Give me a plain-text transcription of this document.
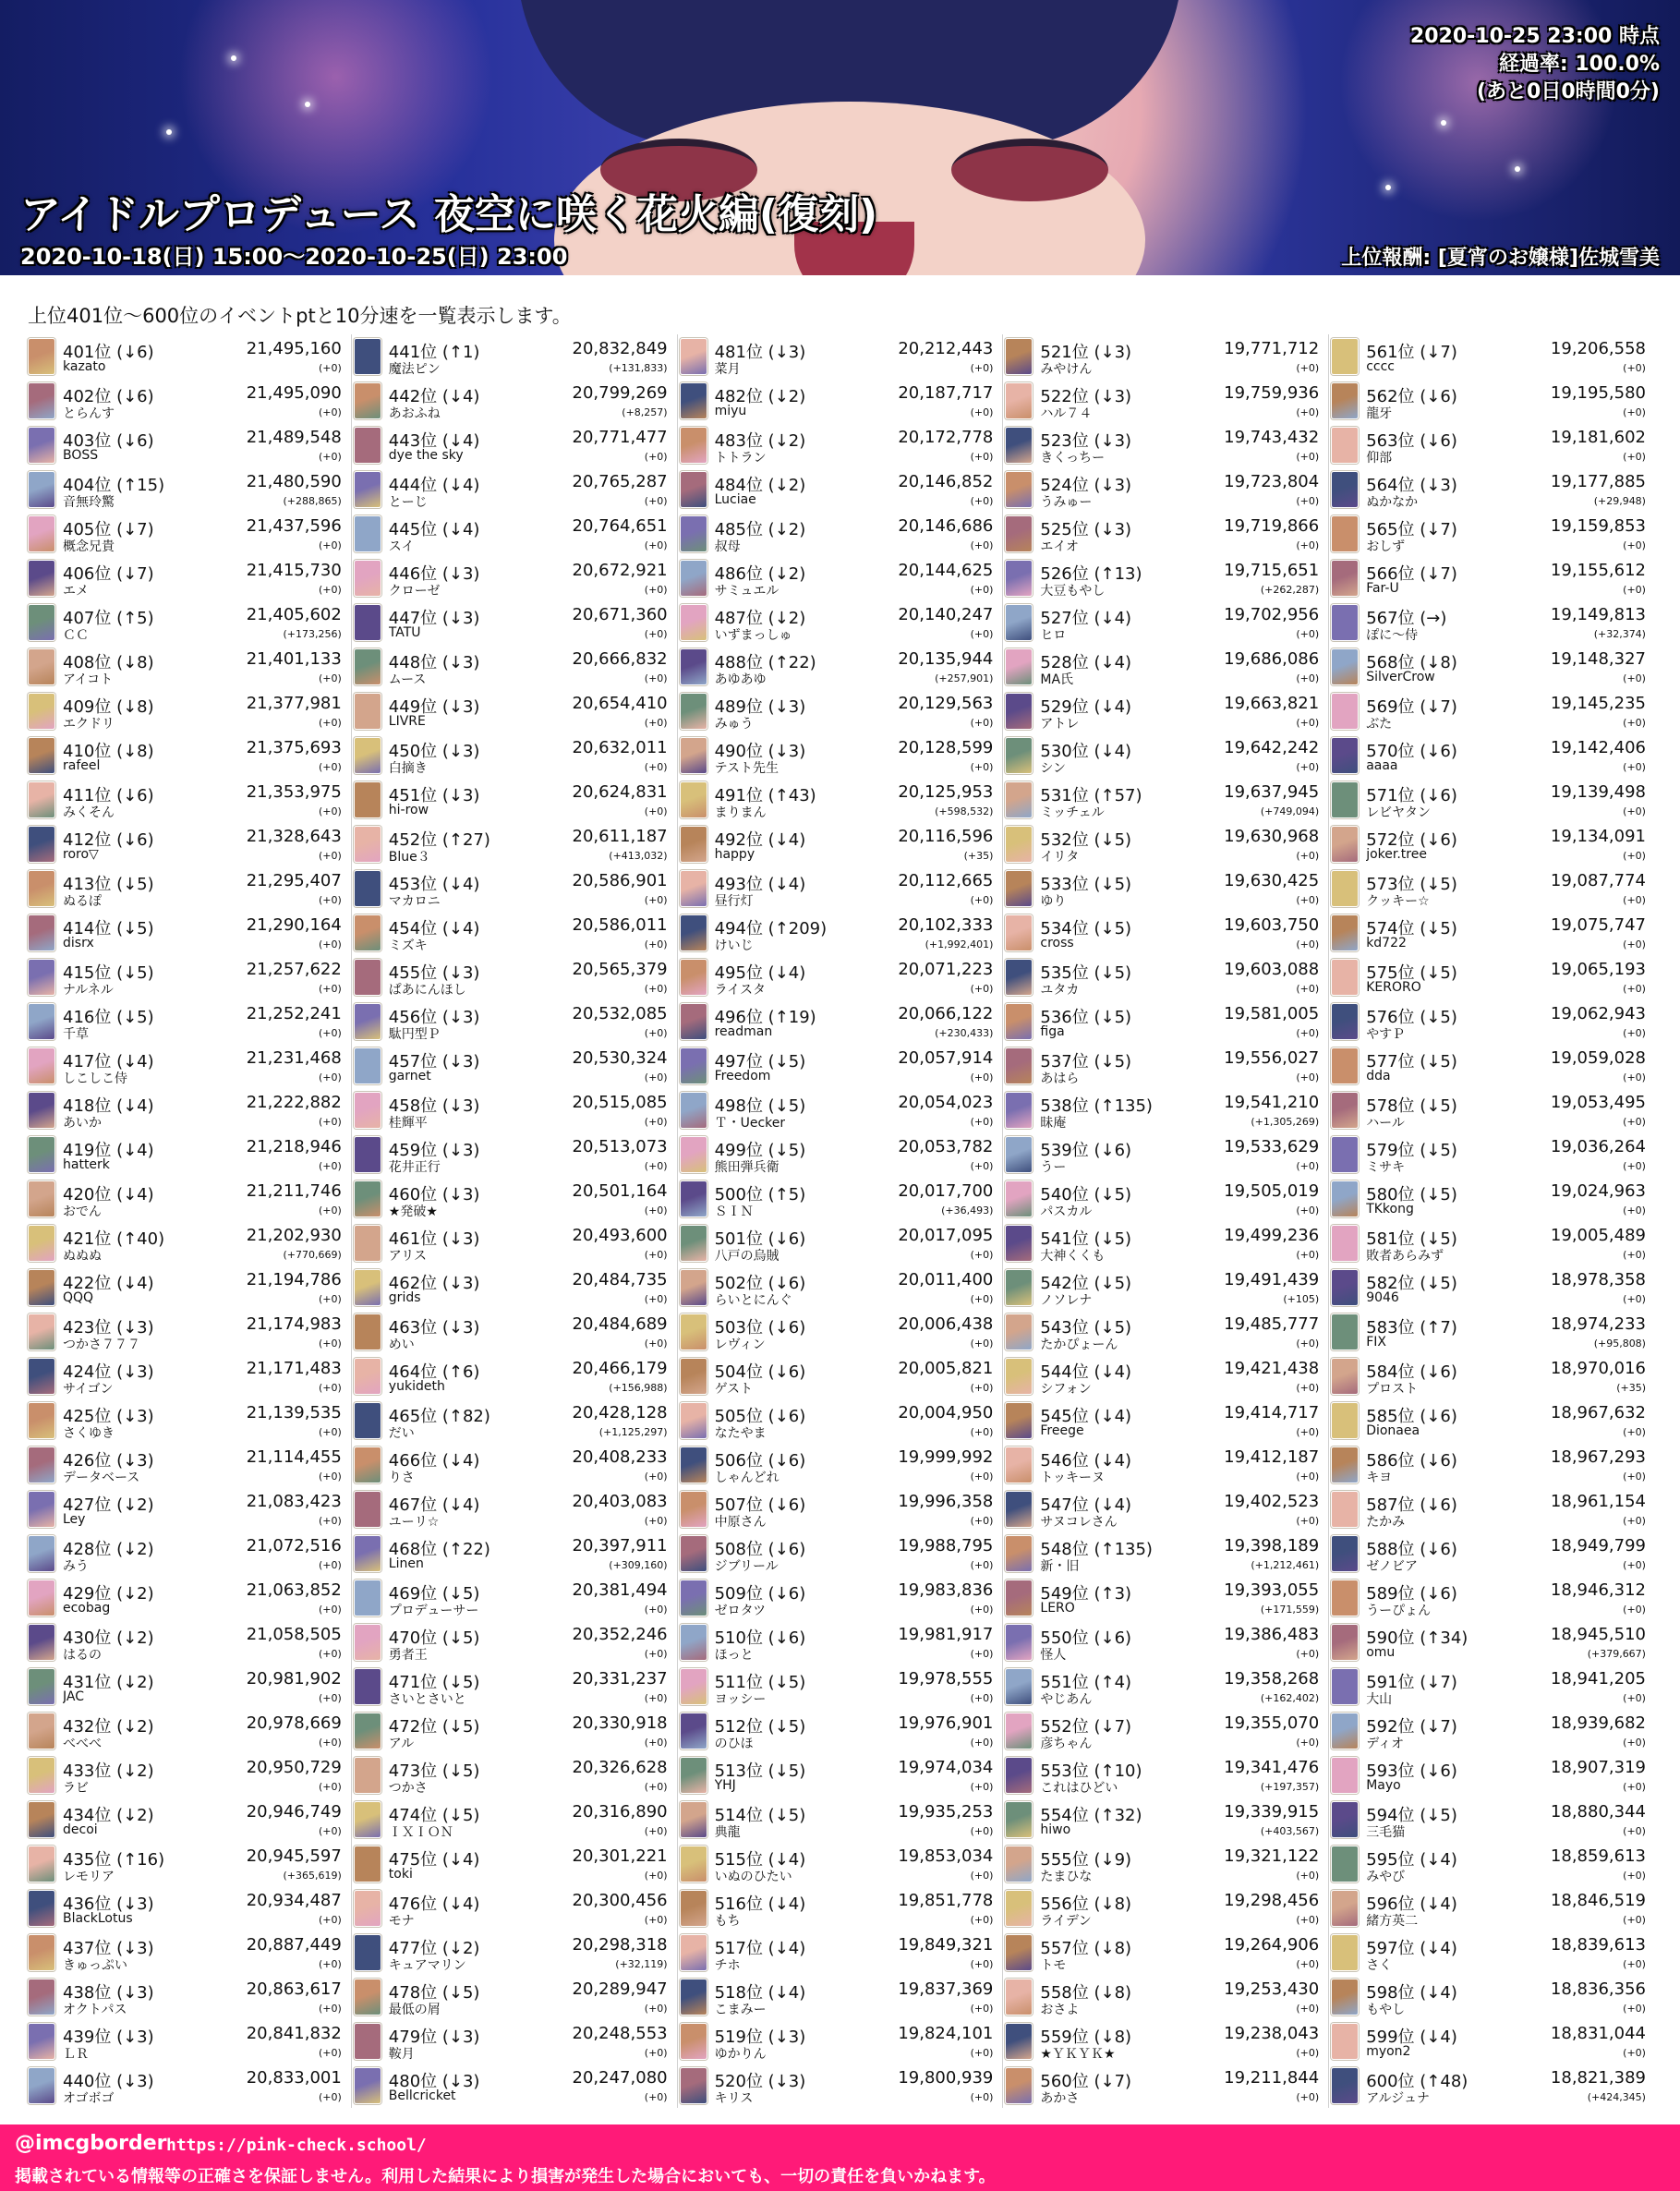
アイドルプロデュース 夜空に咲く花火編(復刻)
2020-10-18(日) 15:00～2020-10-25(日) 23:00
2020-10-25 23:00 時点
経過率: 100.0%
(あと0日0時間0分)
上位報酬: [夏宵のお嬢様]佐城雪美
上位401位～600位のイベントptと10分速を一覧表示します。
401位 (↓6)	21,495,160
kazato	(+0)
402位 (↓6)	21,495,090
とらんす	(+0)
403位 (↓6)	21,489,548
BOSS	(+0)
404位 (↑15)	21,480,590
音無玲驚	(+288,865)
405位 (↓7)	21,437,596
概念兄貴	(+0)
406位 (↓7)	21,415,730
エメ	(+0)
407位 (↑5)	21,405,602
ＣＣ	(+173,256)
408位 (↓8)	21,401,133
アイコト	(+0)
409位 (↓8)	21,377,981
エクドリ	(+0)
410位 (↓8)	21,375,693
rafeel	(+0)
411位 (↓6)	21,353,975
みくそん	(+0)
412位 (↓6)	21,328,643
roro▽	(+0)
413位 (↓5)	21,295,407
ぬるぽ	(+0)
414位 (↓5)	21,290,164
disrx	(+0)
415位 (↓5)	21,257,622
ナルネル	(+0)
416位 (↓5)	21,252,241
千草	(+0)
417位 (↓4)	21,231,468
しこしこ侍	(+0)
418位 (↓4)	21,222,882
あいか	(+0)
419位 (↓4)	21,218,946
hatterk	(+0)
420位 (↓4)	21,211,746
おでん	(+0)
421位 (↑40)	21,202,930
ぬぬぬ	(+770,669)
422位 (↓4)	21,194,786
QQQ	(+0)
423位 (↓3)	21,174,983
つかさ７７７	(+0)
424位 (↓3)	21,171,483
サイゴン	(+0)
425位 (↓3)	21,139,535
さくゆき	(+0)
426位 (↓3)	21,114,455
データベース	(+0)
427位 (↓2)	21,083,423
Ley	(+0)
428位 (↓2)	21,072,516
みう	(+0)
429位 (↓2)	21,063,852
ecobag	(+0)
430位 (↓2)	21,058,505
はるの	(+0)
431位 (↓2)	20,981,902
JAC	(+0)
432位 (↓2)	20,978,669
べべべ	(+0)
433位 (↓2)	20,950,729
ラビ	(+0)
434位 (↓2)	20,946,749
decoi	(+0)
435位 (↑16)	20,945,597
レモリア	(+365,619)
436位 (↓3)	20,934,487
BlackLotus	(+0)
437位 (↓3)	20,887,449
きゅっぷい	(+0)
438位 (↓3)	20,863,617
オクトパス	(+0)
439位 (↓3)	20,841,832
ＬＲ	(+0)
440位 (↓3)	20,833,001
オゴボゴ	(+0)
441位 (↑1)	20,832,849
魔法ピン	(+131,833)
442位 (↓4)	20,799,269
あおふね	(+8,257)
443位 (↓4)	20,771,477
dye the sky	(+0)
444位 (↓4)	20,765,287
とーじ	(+0)
445位 (↓4)	20,764,651
スイ	(+0)
446位 (↓3)	20,672,921
クローゼ	(+0)
447位 (↓3)	20,671,360
TATU	(+0)
448位 (↓3)	20,666,832
ムース	(+0)
449位 (↓3)	20,654,410
LIVRE	(+0)
450位 (↓3)	20,632,011
白摘き	(+0)
451位 (↓3)	20,624,831
hi-row	(+0)
452位 (↑27)	20,611,187
Blue３	(+413,032)
453位 (↓4)	20,586,901
マカロニ	(+0)
454位 (↓4)	20,586,011
ミズキ	(+0)
455位 (↓3)	20,565,379
ぱあにんほし	(+0)
456位 (↓3)	20,532,085
駄円型Ｐ	(+0)
457位 (↓3)	20,530,324
garnet	(+0)
458位 (↓3)	20,515,085
桂輝平	(+0)
459位 (↓3)	20,513,073
花井正行	(+0)
460位 (↓3)	20,501,164
★発破★	(+0)
461位 (↓3)	20,493,600
アリス	(+0)
462位 (↓3)	20,484,735
grids	(+0)
463位 (↓3)	20,484,689
めい	(+0)
464位 (↑6)	20,466,179
yukideth	(+156,988)
465位 (↑82)	20,428,128
だい	(+1,125,297)
466位 (↓4)	20,408,233
りさ	(+0)
467位 (↓4)	20,403,083
ユーリ☆	(+0)
468位 (↑22)	20,397,911
Linen	(+309,160)
469位 (↓5)	20,381,494
プロデューサー	(+0)
470位 (↓5)	20,352,246
勇者王	(+0)
471位 (↓5)	20,331,237
さいとさいと	(+0)
472位 (↓5)	20,330,918
アル	(+0)
473位 (↓5)	20,326,628
つかさ	(+0)
474位 (↓5)	20,316,890
ＩＸＩＯＮ	(+0)
475位 (↓4)	20,301,221
toki	(+0)
476位 (↓4)	20,300,456
モナ	(+0)
477位 (↓2)	20,298,318
キュアマリン	(+32,119)
478位 (↓5)	20,289,947
最低の屑	(+0)
479位 (↓3)	20,248,553
鞍月	(+0)
480位 (↓3)	20,247,080
Bellcricket	(+0)
481位 (↓3)	20,212,443
菜月	(+0)
482位 (↓2)	20,187,717
miyu	(+0)
483位 (↓2)	20,172,778
トトラン	(+0)
484位 (↓2)	20,146,852
Luciae	(+0)
485位 (↓2)	20,146,686
叔母	(+0)
486位 (↓2)	20,144,625
サミュエル	(+0)
487位 (↓2)	20,140,247
いずまっしゅ	(+0)
488位 (↑22)	20,135,944
あゆあゆ	(+257,901)
489位 (↓3)	20,129,563
みゅう	(+0)
490位 (↓3)	20,128,599
テスト先生	(+0)
491位 (↑43)	20,125,953
まりまん	(+598,532)
492位 (↓4)	20,116,596
happy	(+35)
493位 (↓4)	20,112,665
昼行灯	(+0)
494位 (↑209)	20,102,333
けいじ	(+1,992,401)
495位 (↓4)	20,071,223
ライスタ	(+0)
496位 (↑19)	20,066,122
readman	(+230,433)
497位 (↓5)	20,057,914
Freedom	(+0)
498位 (↓5)	20,054,023
Ｔ・Uecker	(+0)
499位 (↓5)	20,053,782
熊田弾兵衛	(+0)
500位 (↑5)	20,017,700
ＳＩＮ	(+36,493)
501位 (↓6)	20,017,095
八戸の烏賊	(+0)
502位 (↓6)	20,011,400
らいとにんぐ	(+0)
503位 (↓6)	20,006,438
レヴィン	(+0)
504位 (↓6)	20,005,821
ゲスト	(+0)
505位 (↓6)	20,004,950
なたやま	(+0)
506位 (↓6)	19,999,992
しゃんどれ	(+0)
507位 (↓6)	19,996,358
中原さん	(+0)
508位 (↓6)	19,988,795
ジブリール	(+0)
509位 (↓6)	19,983,836
ゼロタツ	(+0)
510位 (↓6)	19,981,917
ほっと	(+0)
511位 (↓5)	19,978,555
ヨッシー	(+0)
512位 (↓5)	19,976,901
のひほ	(+0)
513位 (↓5)	19,974,034
YHJ	(+0)
514位 (↓5)	19,935,253
典龍	(+0)
515位 (↓4)	19,853,034
いぬのひたい	(+0)
516位 (↓4)	19,851,778
もち	(+0)
517位 (↓4)	19,849,321
チホ	(+0)
518位 (↓4)	19,837,369
こまみー	(+0)
519位 (↓3)	19,824,101
ゆかりん	(+0)
520位 (↓3)	19,800,939
キリス	(+0)
521位 (↓3)	19,771,712
みやけん	(+0)
522位 (↓3)	19,759,936
ハル７４	(+0)
523位 (↓3)	19,743,432
きくっちー	(+0)
524位 (↓3)	19,723,804
うみゅー	(+0)
525位 (↓3)	19,719,866
エイオ	(+0)
526位 (↑13)	19,715,651
大豆もやし	(+262,287)
527位 (↓4)	19,702,956
ヒロ	(+0)
528位 (↓4)	19,686,086
MA氏	(+0)
529位 (↓4)	19,663,821
アトレ	(+0)
530位 (↓4)	19,642,242
シン	(+0)
531位 (↑57)	19,637,945
ミッチェル	(+749,094)
532位 (↓5)	19,630,968
イリタ	(+0)
533位 (↓5)	19,630,425
ゆり	(+0)
534位 (↓5)	19,603,750
cross	(+0)
535位 (↓5)	19,603,088
ユタカ	(+0)
536位 (↓5)	19,581,005
figa	(+0)
537位 (↓5)	19,556,027
あはら	(+0)
538位 (↑135)	19,541,210
昧庵	(+1,305,269)
539位 (↓6)	19,533,629
うー	(+0)
540位 (↓5)	19,505,019
パスカル	(+0)
541位 (↓5)	19,499,236
大神くくも	(+0)
542位 (↓5)	19,491,439
ノソレナ	(+105)
543位 (↓5)	19,485,777
たかぴょーん	(+0)
544位 (↓4)	19,421,438
シフォン	(+0)
545位 (↓4)	19,414,717
Freege	(+0)
546位 (↓4)	19,412,187
トッキーヌ	(+0)
547位 (↓4)	19,402,523
サヌコレさん	(+0)
548位 (↑135)	19,398,189
新・旧	(+1,212,461)
549位 (↑3)	19,393,055
LERO	(+171,559)
550位 (↓6)	19,386,483
怪人	(+0)
551位 (↑4)	19,358,268
やじあん	(+162,402)
552位 (↓7)	19,355,070
彦ちゃん	(+0)
553位 (↑10)	19,341,476
これはひどい	(+197,357)
554位 (↑32)	19,339,915
hiwo	(+403,567)
555位 (↓9)	19,321,122
たまひな	(+0)
556位 (↓8)	19,298,456
ライデン	(+0)
557位 (↓8)	19,264,906
トモ	(+0)
558位 (↓8)	19,253,430
おさよ	(+0)
559位 (↓8)	19,238,043
★ＹＫＹＫ★	(+0)
560位 (↓7)	19,211,844
あかさ	(+0)
561位 (↓7)	19,206,558
cccc	(+0)
562位 (↓6)	19,195,580
龍牙	(+0)
563位 (↓6)	19,181,602
仰部	(+0)
564位 (↓3)	19,177,885
ぬかなか	(+29,948)
565位 (↓7)	19,159,853
おしず	(+0)
566位 (↓7)	19,155,612
Far-U	(+0)
567位 (→)	19,149,813
ぽに～侍	(+32,374)
568位 (↓8)	19,148,327
SilverCrow	(+0)
569位 (↓7)	19,145,235
ぶた	(+0)
570位 (↓6)	19,142,406
aaaa	(+0)
571位 (↓6)	19,139,498
レビヤタン	(+0)
572位 (↓6)	19,134,091
joker.tree	(+0)
573位 (↓5)	19,087,774
クッキー☆	(+0)
574位 (↓5)	19,075,747
kd722	(+0)
575位 (↓5)	19,065,193
KERORO	(+0)
576位 (↓5)	19,062,943
やすＰ	(+0)
577位 (↓5)	19,059,028
dda	(+0)
578位 (↓5)	19,053,495
ハール	(+0)
579位 (↓5)	19,036,264
ミサキ	(+0)
580位 (↓5)	19,024,963
TKkong	(+0)
581位 (↓5)	19,005,489
敗者あらみず	(+0)
582位 (↓5)	18,978,358
9046	(+0)
583位 (↑7)	18,974,233
FIX	(+95,808)
584位 (↓6)	18,970,016
プロスト	(+35)
585位 (↓6)	18,967,632
Dionaea	(+0)
586位 (↓6)	18,967,293
キヨ	(+0)
587位 (↓6)	18,961,154
たかみ	(+0)
588位 (↓6)	18,949,799
ゼノビア	(+0)
589位 (↓6)	18,946,312
うーぴょん	(+0)
590位 (↑34)	18,945,510
omu	(+379,667)
591位 (↓7)	18,941,205
大山	(+0)
592位 (↓7)	18,939,682
ディオ	(+0)
593位 (↓6)	18,907,319
Mayo	(+0)
594位 (↓5)	18,880,344
三毛猫	(+0)
595位 (↓4)	18,859,613
みやび	(+0)
596位 (↓4)	18,846,519
緒方英二	(+0)
597位 (↓4)	18,839,613
さく	(+0)
598位 (↓4)	18,836,356
もやし	(+0)
599位 (↓4)	18,831,044
myon2	(+0)
600位 (↑48)	18,821,389
アルジュナ	(+424,345)
@imcgborder https://pink-check.school/
掲載されている情報等の正確さを保証しません。利用した結果により損害が発生した場合においても、一切の責任を負いかねます。
